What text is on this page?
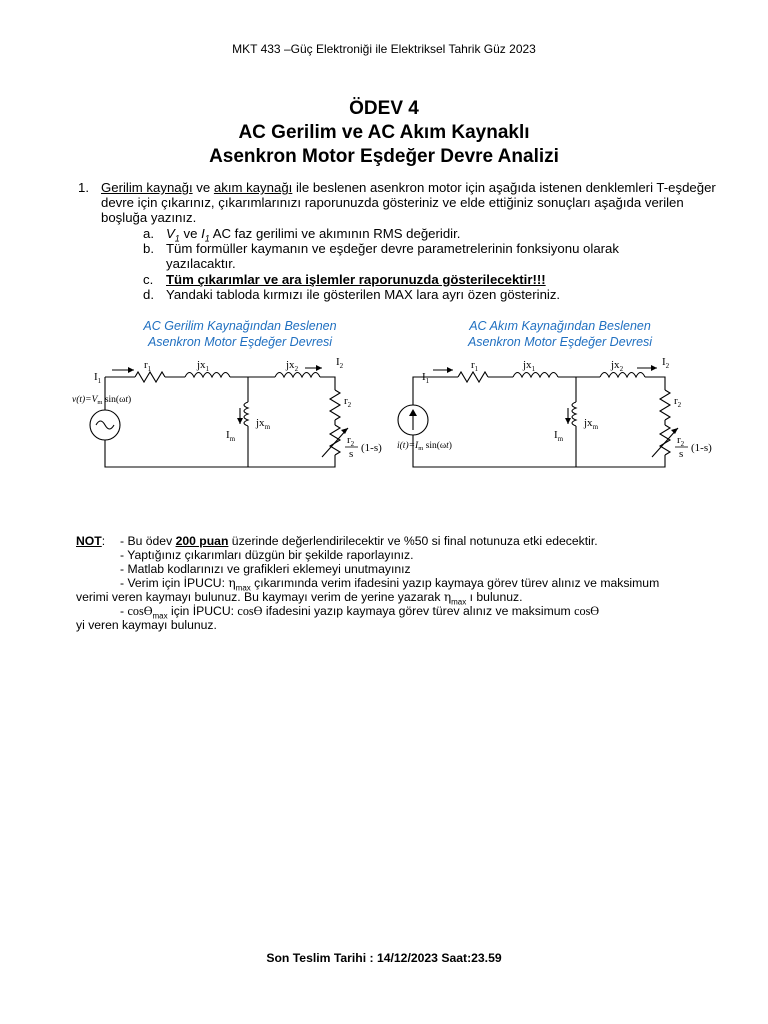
MKT 433 –Güç Elektroniği ile Elektriksel Tahrik Güz 2023
ÖDEV 4
AC Gerilim ve AC Akım Kaynaklı
Asenkron Motor Eşdeğer Devre Analizi
1. Gerilim kaynağı ve akım kaynağı ile beslenen asenkron motor için aşağıda istenen denklemleri T-eşdeğer devre için çıkarınız, çıkarımlarınızı raporunuzda gösteriniz ve elde ettiğiniz sonuçları aşağıda verilen boşluğa yazınız.
a. $V_1$ ve $I_1$ AC faz gerilimi ve akımının RMS değeridir.
b. Tüm formüller kaymanın ve eşdeğer devre parametrelerinin fonksiyonu olarak yazılacaktır.
c. Tüm çıkarımlar ve ara işlemler raporunuzda gösterilecektir!!!
d. Yandaki tabloda kırmızı ile gösterilen MAX lara ayrı özen gösteriniz.
AC Gerilim Kaynağından Beslenen
Asenkron Motor Eşdeğer Devresi
AC Akım Kaynağından Beslenen
Asenkron Motor Eşdeğer Devresi
$I_1$
$r_1$	$jx_1$	$jx_2$
$I_2$
$r_2$
$jx_m$
$I_m$	$r_2$
s (1-s)
$v(t)=V_m$ sin(ωt)
$I_1$
$r_1$	$jx_1$	$jx_2$
$I_2$
$r_2$
$jx_m$
$I_m$	$r_2$
s (1-s)
$i(t)=I_m$ sin(ωt)
NOT: - Bu ödev 200 puan üzerinde değerlendirilecektir ve %50 si final notunuza etki edecektir.
- Yaptığınız çıkarımları düzgün bir şekilde raporlayınız.
- Matlab kodlarınızı ve grafikleri eklemeyi unutmayınız
- Verim için İPUCU: $\eta_{max}$ çıkarımında verim ifadesini yazıp kaymaya görev türev alınız ve maksimum
verimi veren kaymayı bulunuz. Bu kaymayı verim de yerine yazarak $\eta_{max}$ ı bulunuz.
- cosϴ$_{max}$ için İPUCU: cosϴ ifadesini yazıp kaymaya görev türev alınız ve maksimum cosϴ
yi veren kaymayı bulunuz.
Son Teslim Tarihi : 14/12/2023 Saat:23.59
